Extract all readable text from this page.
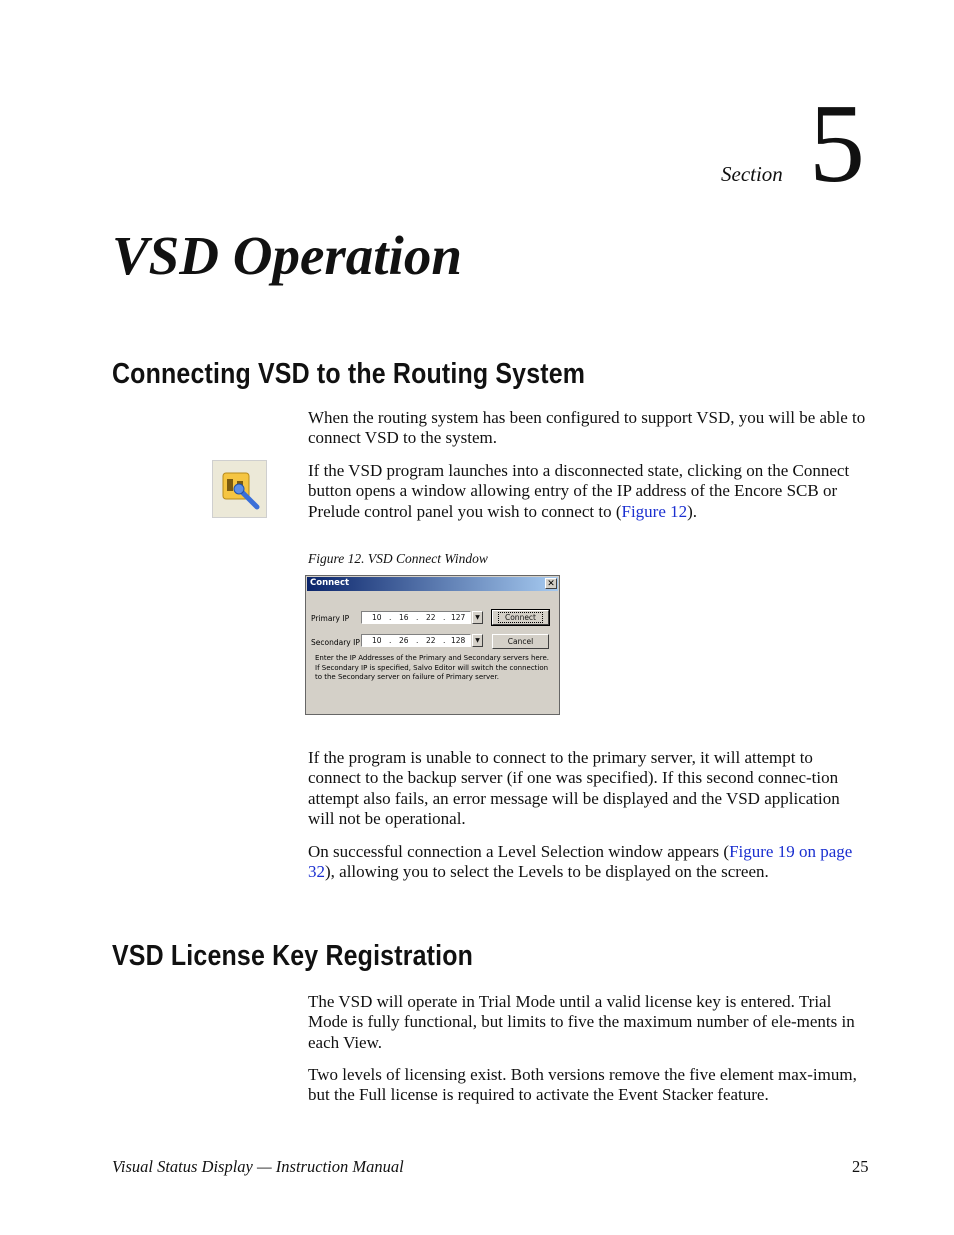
Section 5
VSD Operation
Connecting VSD to the Routing System

When the routing system has been configured to support VSD, you will be able to connect VSD to the system.

If the VSD program launches into a disconnected state, clicking on the Connect button opens a window allowing entry of the IP address of the Encore SCB or Prelude control panel you wish to connect to (Figure 12).

Figure 12. VSD Connect Window
Connect	✕
Primary IP	10 . 16 . 22 . 127	▼	Connect
Secondary IP 10 . 26 . 22 . 128	▼	Cancel
Enter the IP Addresses of the Primary and Secondary servers here.
If Secondary IP is specified, Salvo Editor will switch the connection to the Secondary server on failure of Primary server.

If the program is unable to connect to the primary server, it will attempt to connect to the backup server (if one was specified). If this second connec-tion attempt also fails, an error message will be displayed and the VSD application will not be operational.

On successful connection a Level Selection window appears (Figure 19 on page 32), allowing you to select the Levels to be displayed on the screen.

VSD License Key Registration

The VSD will operate in Trial Mode until a valid license key is entered. Trial Mode is fully functional, but limits to five the maximum number of ele-ments in each View.

Two levels of licensing exist. Both versions remove the five element max-imum, but the Full license is required to activate the Event Stacker feature.

Visual Status Display — Instruction Manual	25
